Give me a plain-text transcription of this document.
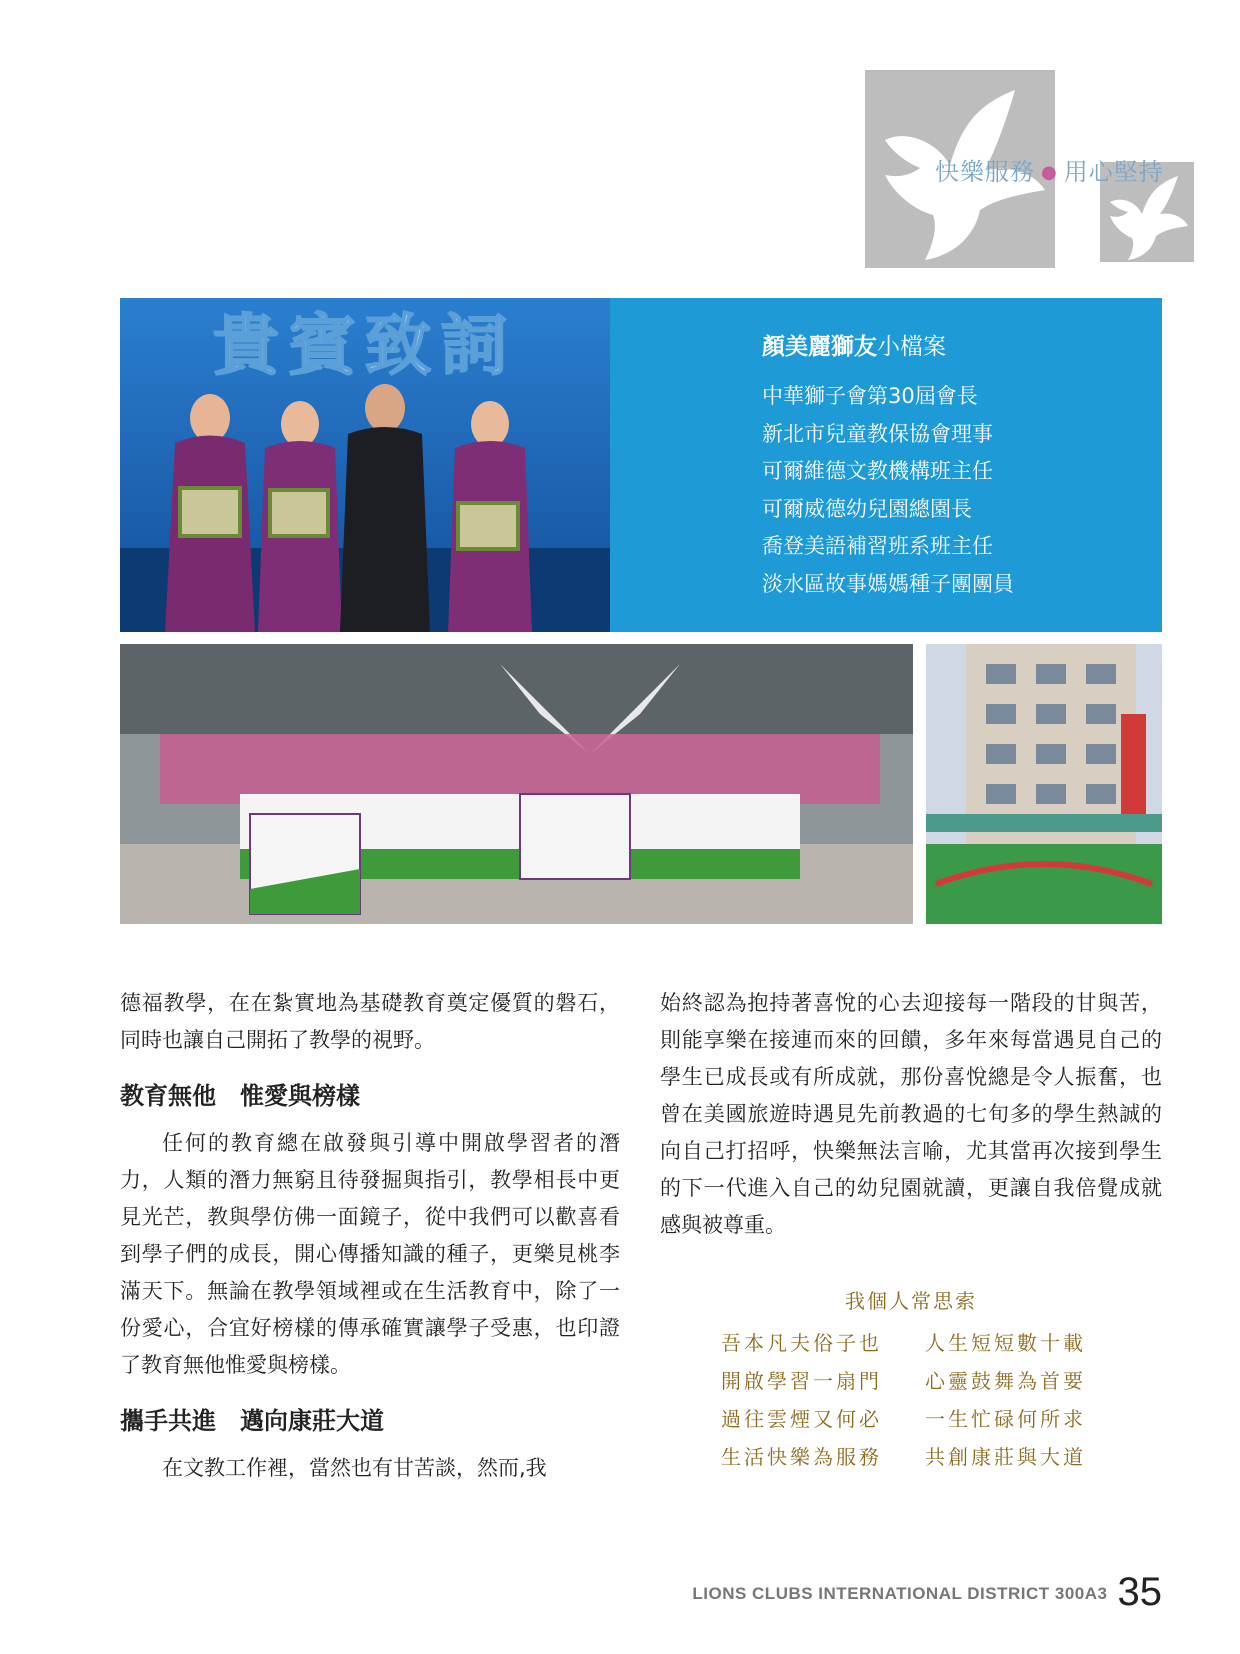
快樂服務 ● 用心堅持
貴賓致詞	顏美麗獅友小檔案
中華獅子會第30屆會長
新北市兒童教保協會理事
可爾維德文教機構班主任
可爾威德幼兒園總園長
喬登美語補習班系班主任
淡水區故事媽媽種子團團員

德福教學，在在紮實地為基礎教育奠定優質的磐石，同時也讓自己開拓了教學的視野。

教育無他　惟愛與榜樣

任何的教育總在啟發與引導中開啟學習者的潛力，人類的潛力無窮且待發掘與指引，教學相長中更見光芒，教與學仿佛一面鏡子，從中我們可以歡喜看到學子們的成長，開心傳播知識的種子，更樂見桃李滿天下。無論在教學領域裡或在生活教育中，除了一份愛心，合宜好榜樣的傳承確實讓學子受惠，也印證了教育無他惟愛與榜樣。

攜手共進　邁向康莊大道

在文教工作裡，當然也有甘苦談，然而,我

始終認為抱持著喜悅的心去迎接每一階段的甘與苦，則能享樂在接連而來的回饋，多年來每當遇見自己的學生已成長或有所成就，那份喜悅總是令人振奮，也曾在美國旅遊時遇見先前教過的七旬多的學生熱誠的向自己打招呼，快樂無法言喻，尤其當再次接到學生的下一代進入自己的幼兒園就讀，更讓自我倍覺成就感與被尊重。

我個人常思索
吾本凡夫俗子也	人生短短數十載
開啟學習一扇門	心靈鼓舞為首要
過往雲煙又何必	一生忙碌何所求
生活快樂為服務	共創康莊與大道
LIONS CLUBS INTERNATIONAL DISTRICT 300A3 35
